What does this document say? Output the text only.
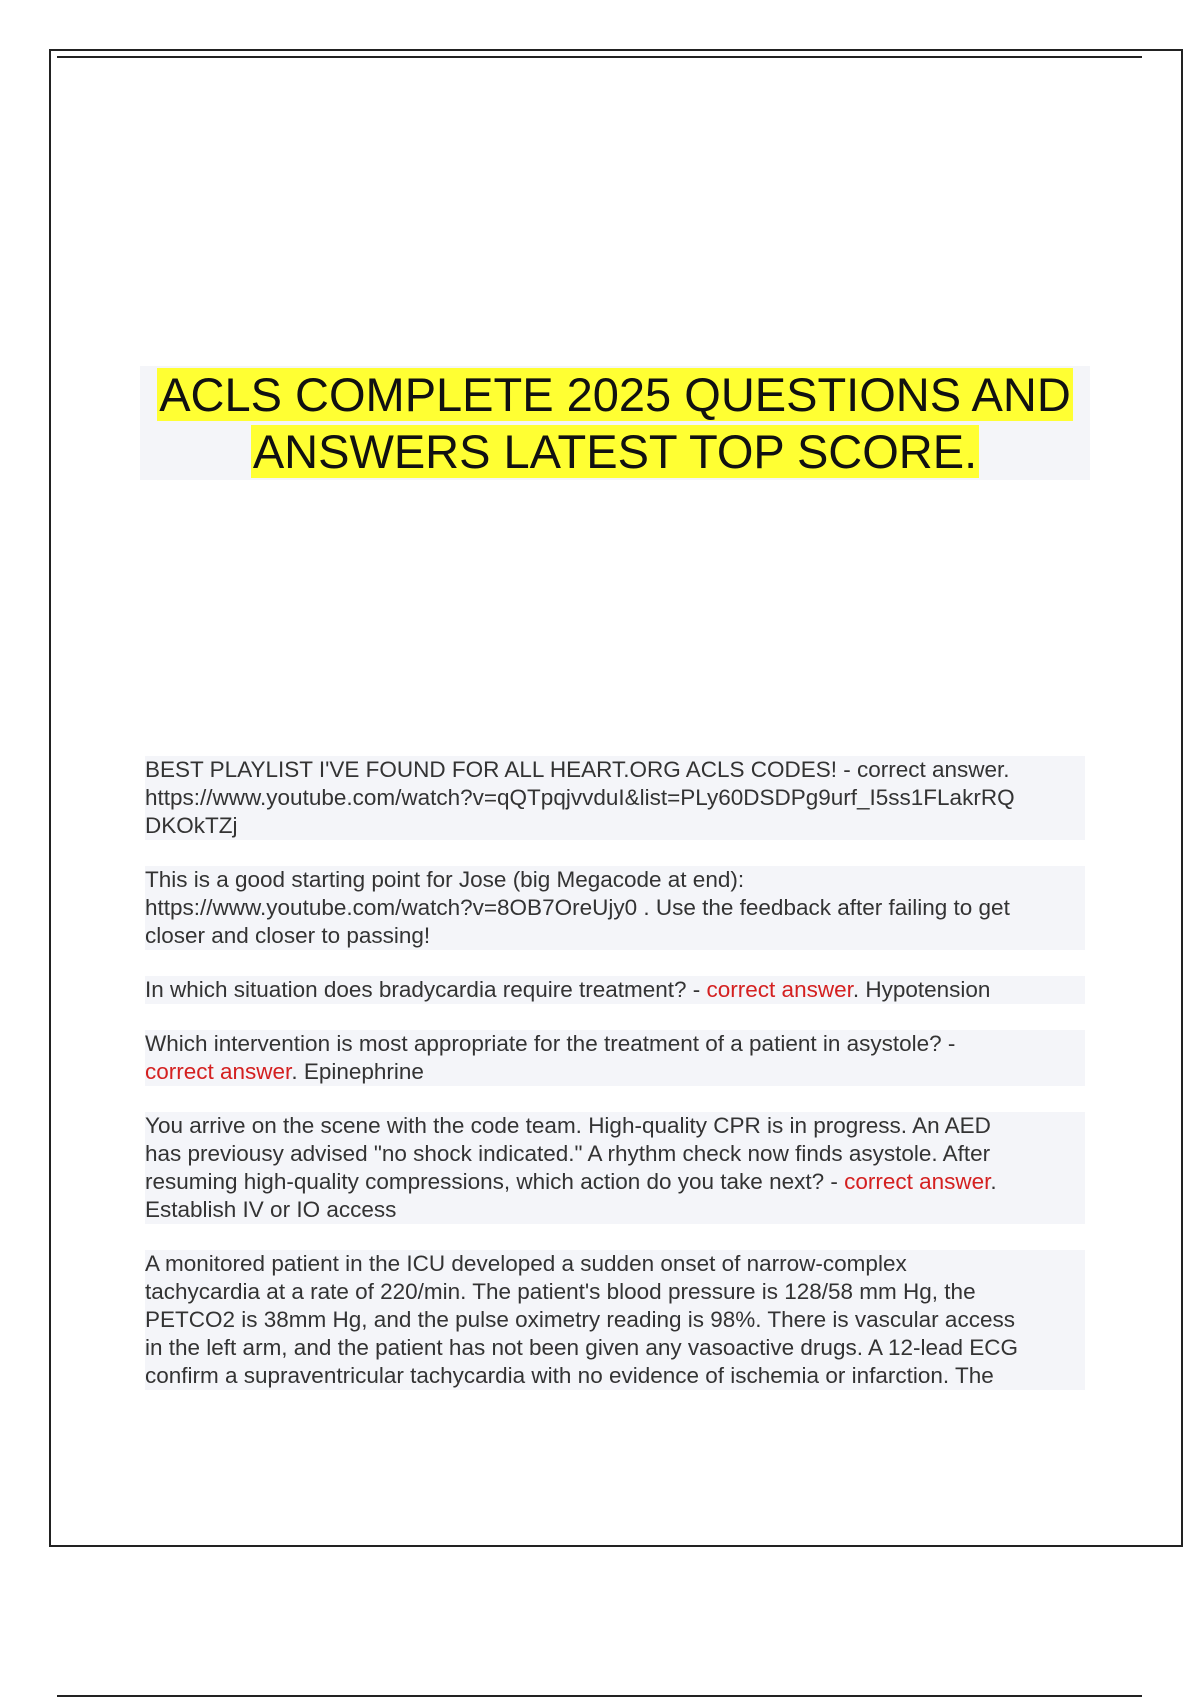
ACLS COMPLETE 2025 QUESTIONS AND

ANSWERS LATEST TOP SCORE.

BEST PLAYLIST I'VE FOUND FOR ALL HEART.ORG ACLS CODES! - correct answer.

https://www.youtube.com/watch?v=qQTpqjvvduI&list=PLy60DSDPg9urf_I5ss1FLakrRQ

DKOkTZj

This is a good starting point for Jose (big Megacode at end):

https://www.youtube.com/watch?v=8OB7OreUjy0 . Use the feedback after failing to get

closer and closer to passing!

In which situation does bradycardia require treatment? - correct answer. Hypotension

Which intervention is most appropriate for the treatment of a patient in asystole? -

correct answer. Epinephrine

You arrive on the scene with the code team. High-quality CPR is in progress. An AED

has previousy advised "no shock indicated." A rhythm check now finds asystole. After

resuming high-quality compressions, which action do you take next? - correct answer.

Establish IV or IO access

A monitored patient in the ICU developed a sudden onset of narrow-complex

tachycardia at a rate of 220/min. The patient's blood pressure is 128/58 mm Hg, the

PETCO2 is 38mm Hg, and the pulse oximetry reading is 98%. There is vascular access

in the left arm, and the patient has not been given any vasoactive drugs. A 12-lead ECG

confirm a supraventricular tachycardia with no evidence of ischemia or infarction. The
